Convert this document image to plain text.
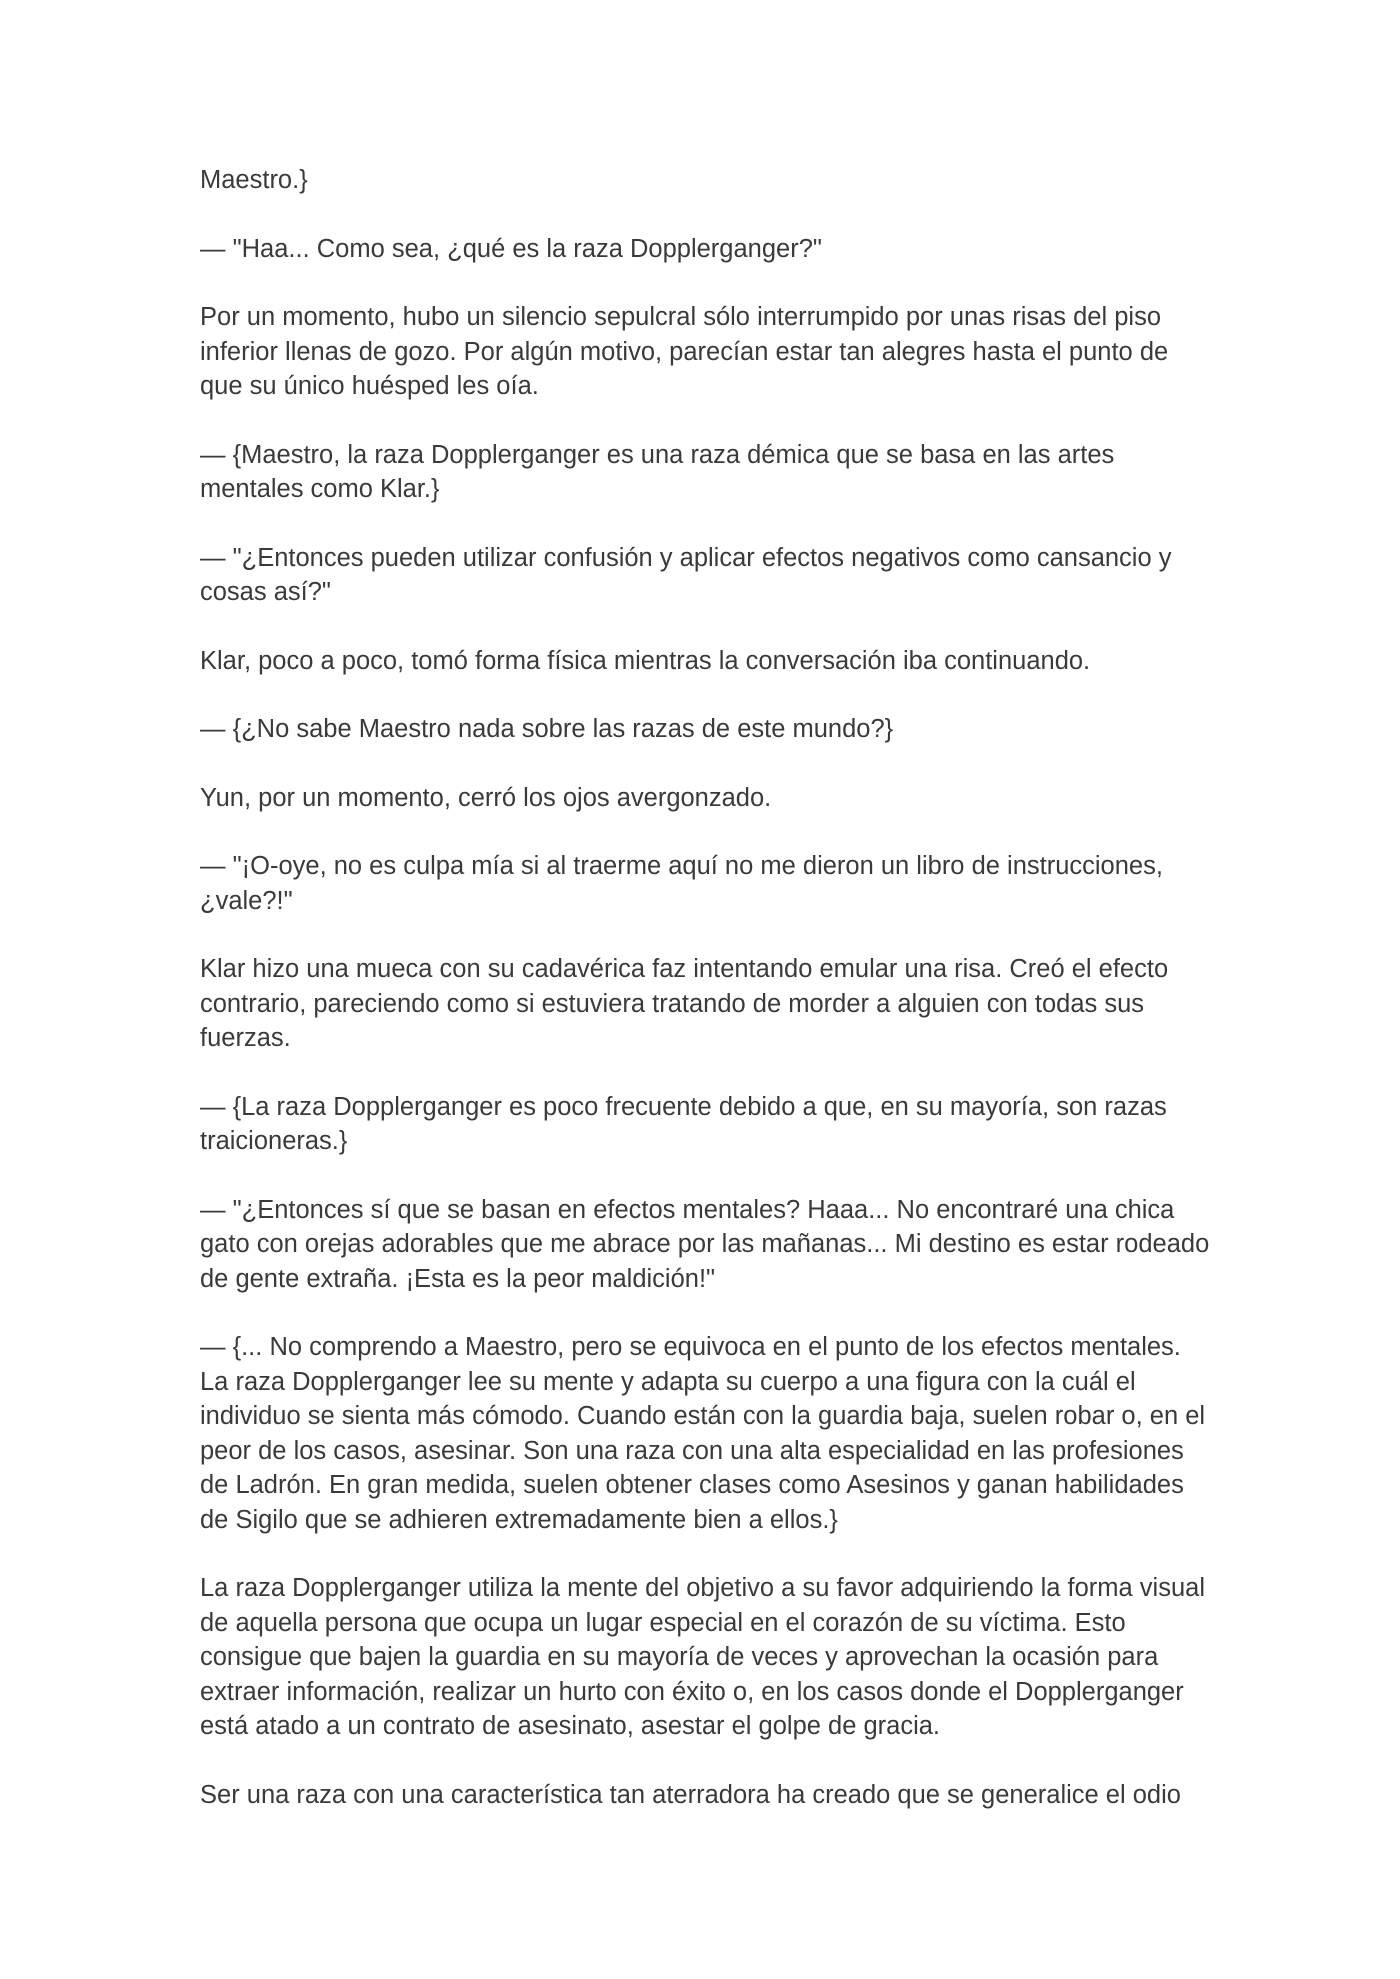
Maestro.}

— "Haa... Como sea, ¿qué es la raza Dopplerganger?"

Por un momento, hubo un silencio sepulcral sólo interrumpido por unas risas del piso inferior llenas de gozo. Por algún motivo, parecían estar tan alegres hasta el punto de que su único huésped les oía.

— {Maestro, la raza Dopplerganger es una raza démica que se basa en las artes mentales como Klar.}

— "¿Entonces pueden utilizar confusión y aplicar efectos negativos como cansancio y cosas así?"

Klar, poco a poco, tomó forma física mientras la conversación iba continuando.

— {¿No sabe Maestro nada sobre las razas de este mundo?}

Yun, por un momento, cerró los ojos avergonzado.

— "¡O-oye, no es culpa mía si al traerme aquí no me dieron un libro de instrucciones, ¿vale?!"

Klar hizo una mueca con su cadavérica faz intentando emular una risa. Creó el efecto contrario, pareciendo como si estuviera tratando de morder a alguien con todas sus fuerzas.

— {La raza Dopplerganger es poco frecuente debido a que, en su mayoría, son razas traicioneras.}

— "¿Entonces sí que se basan en efectos mentales? Haaa... No encontraré una chica gato con orejas adorables que me abrace por las mañanas... Mi destino es estar rodeado de gente extraña. ¡Esta es la peor maldición!"

— {... No comprendo a Maestro, pero se equivoca en el punto de los efectos mentales. La raza Dopplerganger lee su mente y adapta su cuerpo a una figura con la cuál el individuo se sienta más cómodo. Cuando están con la guardia baja, suelen robar o, en el peor de los casos, asesinar. Son una raza con una alta especialidad en las profesiones de Ladrón. En gran medida, suelen obtener clases como Asesinos y ganan habilidades de Sigilo que se adhieren extremadamente bien a ellos.}

La raza Dopplerganger utiliza la mente del objetivo a su favor adquiriendo la forma visual de aquella persona que ocupa un lugar especial en el corazón de su víctima. Esto consigue que bajen la guardia en su mayoría de veces y aprovechan la ocasión para extraer información, realizar un hurto con éxito o, en los casos donde el Dopplerganger está atado a un contrato de asesinato, asestar el golpe de gracia.

Ser una raza con una característica tan aterradora ha creado que se generalice el odio
